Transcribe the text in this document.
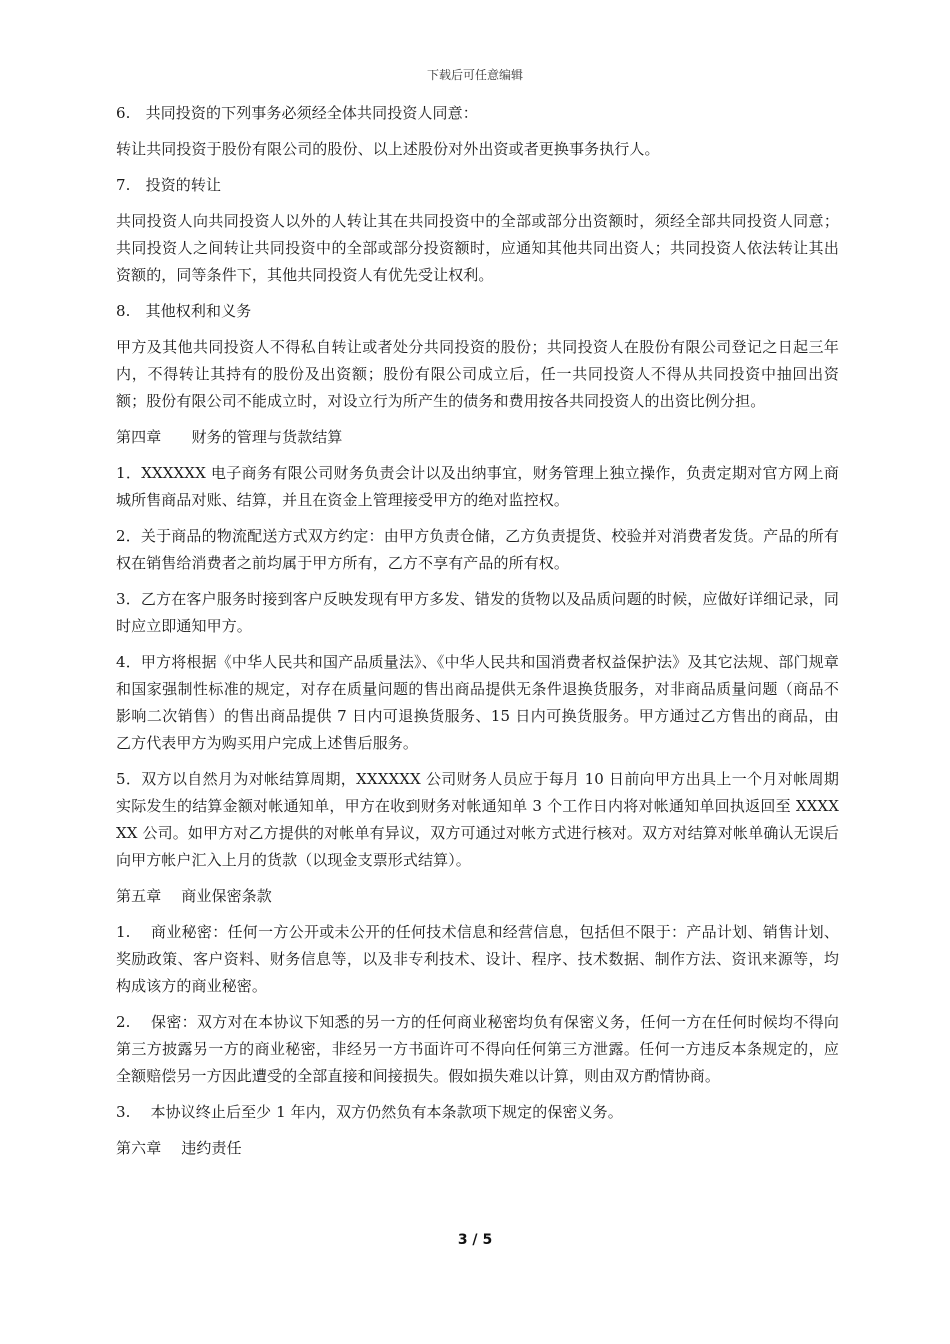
下载后可任意编辑

6.　共同投资的下列事务必须经全体共同投资人同意：

转让共同投资于股份有限公司的股份、以上述股份对外出资或者更换事务执行人。

7.　投资的转让

共同投资人向共同投资人以外的人转让其在共同投资中的全部或部分出资额时，须经全部共同投资人同意；共同投资人之间转让共同投资中的全部或部分投资额时，应通知其他共同出资人；共同投资人依法转让其出资额的，同等条件下，其他共同投资人有优先受让权利。

8.　其他权利和义务

甲方及其他共同投资人不得私自转让或者处分共同投资的股份；共同投资人在股份有限公司登记之日起三年内，不得转让其持有的股份及出资额；股份有限公司成立后，任一共同投资人不得从共同投资中抽回出资额；股份有限公司不能成立时，对设立行为所产生的债务和费用按各共同投资人的出资比例分担。

第四章　　财务的管理与货款结算

1．XXXXXX 电子商务有限公司财务负责会计以及出纳事宜，财务管理上独立操作，负责定期对官方网上商城所售商品对账、结算，并且在资金上管理接受甲方的绝对监控权。

2．关于商品的物流配送方式双方约定：由甲方负责仓储，乙方负责提货、校验并对消费者发货。产品的所有权在销售给消费者之前均属于甲方所有，乙方不享有产品的所有权。

3．乙方在客户服务时接到客户反映发现有甲方多发、错发的货物以及品质问题的时候，应做好详细记录，同时应立即通知甲方。

4．甲方将根据《中华人民共和国产品质量法》、《中华人民共和国消费者权益保护法》及其它法规、部门规章和国家强制性标准的规定，对存在质量问题的售出商品提供无条件退换货服务，对非商品质量问题（商品不影响二次销售）的售出商品提供 7 日内可退换货服务、15 日内可换货服务。甲方通过乙方售出的商品，由乙方代表甲方为购买用户完成上述售后服务。

5．双方以自然月为对帐结算周期，XXXXXX 公司财务人员应于每月 10 日前向甲方出具上一个月对帐周期实际发生的结算金额对帐通知单，甲方在收到财务对帐通知单 3 个工作日内将对帐通知单回执返回至 XXXXXX 公司。如甲方对乙方提供的对帐单有异议，双方可通过对帐方式进行核对。双方对结算对帐单确认无误后向甲方帐户汇入上月的货款（以现金支票形式结算）。

第五章　 商业保密条款

1.　 商业秘密：任何一方公开或未公开的任何技术信息和经营信息，包括但不限于：产品计划、销售计划、奖励政策、客户资料、财务信息等，以及非专利技术、设计、程序、技术数据、制作方法、资讯来源等，均构成该方的商业秘密。

2.　 保密：双方对在本协议下知悉的另一方的任何商业秘密均负有保密义务，任何一方在任何时候均不得向第三方披露另一方的商业秘密，非经另一方书面许可不得向任何第三方泄露。任何一方违反本条规定的，应全额赔偿另一方因此遭受的全部直接和间接损失。假如损失难以计算，则由双方酌情协商。

3.　 本协议终止后至少 1 年内，双方仍然负有本条款项下规定的保密义务。

第六章　 违约责任

3 / 5
